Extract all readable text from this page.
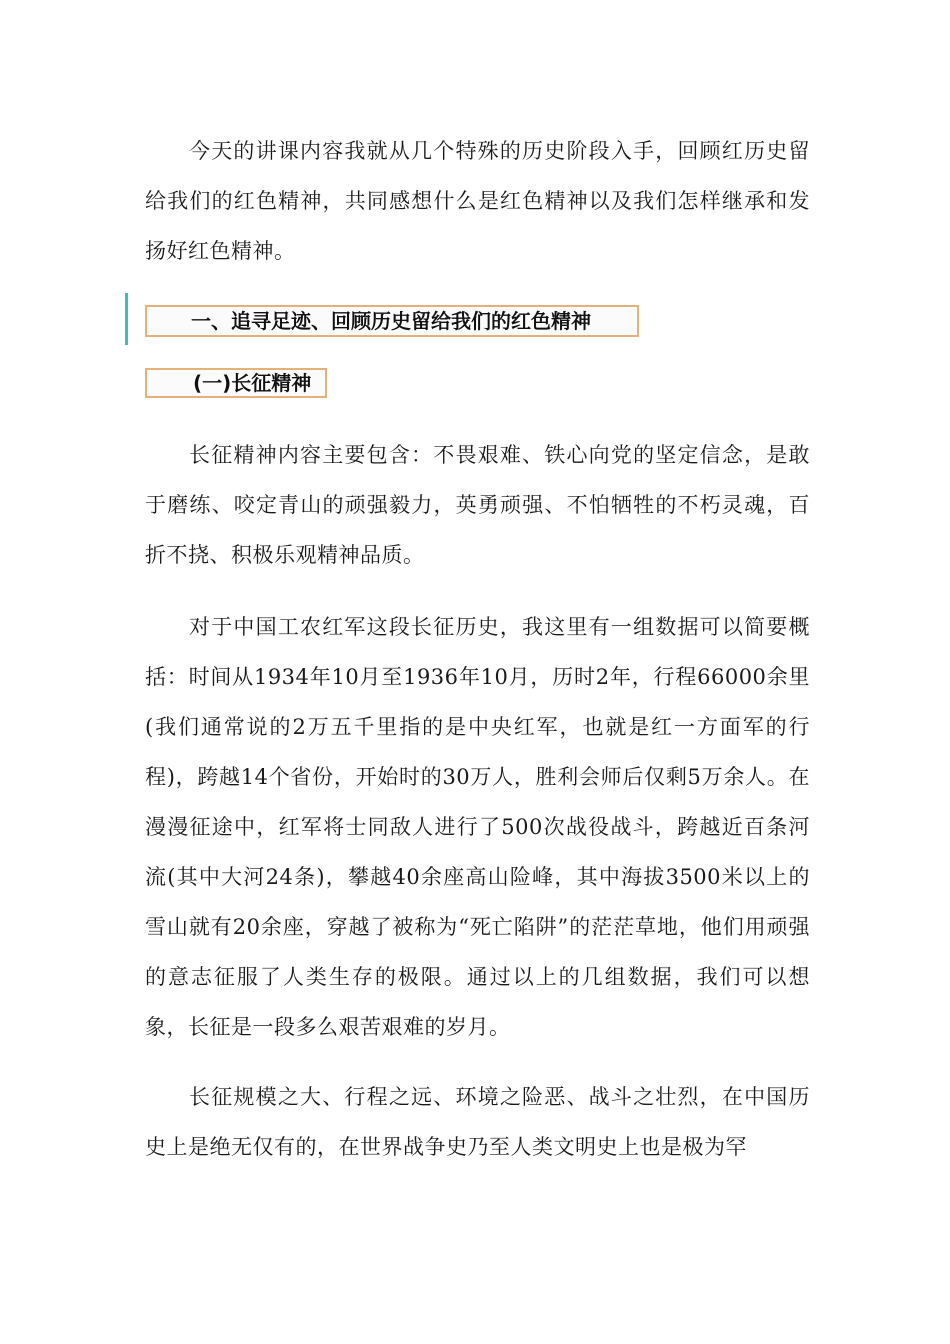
今天的讲课内容我就从几个特殊的历史阶段入手，回顾红历史留给我们的红色精神，共同感想什么是红色精神以及我们怎样继承和发扬好红色精神。

一、追寻足迹、回顾历史留给我们的红色精神
(一)长征精神

长征精神内容主要包含：不畏艰难、铁心向党的坚定信念，是敢于磨练、咬定青山的顽强毅力，英勇顽强、不怕牺牲的不朽灵魂，百折不挠、积极乐观精神品质。

对于中国工农红军这段长征历史，我这里有一组数据可以简要概括：时间从1934年10月至1936年10月，历时2年，行程66000余里(我们通常说的2万五千里指的是中央红军，也就是红一方面军的行程)，跨越14个省份，开始时的30万人，胜利会师后仅剩5万余人。在漫漫征途中，红军将士同敌人进行了500次战役战斗，跨越近百条河流(其中大河24条)，攀越40余座高山险峰，其中海拔3500米以上的雪山就有20余座，穿越了被称为“死亡陷阱”的茫茫草地，他们用顽强的意志征服了人类生存的极限。通过以上的几组数据，我们可以想象，长征是一段多么艰苦艰难的岁月。

长征规模之大、行程之远、环境之险恶、战斗之壮烈，在中国历史上是绝无仅有的，在世界战争史乃至人类文明史上也是极为罕
